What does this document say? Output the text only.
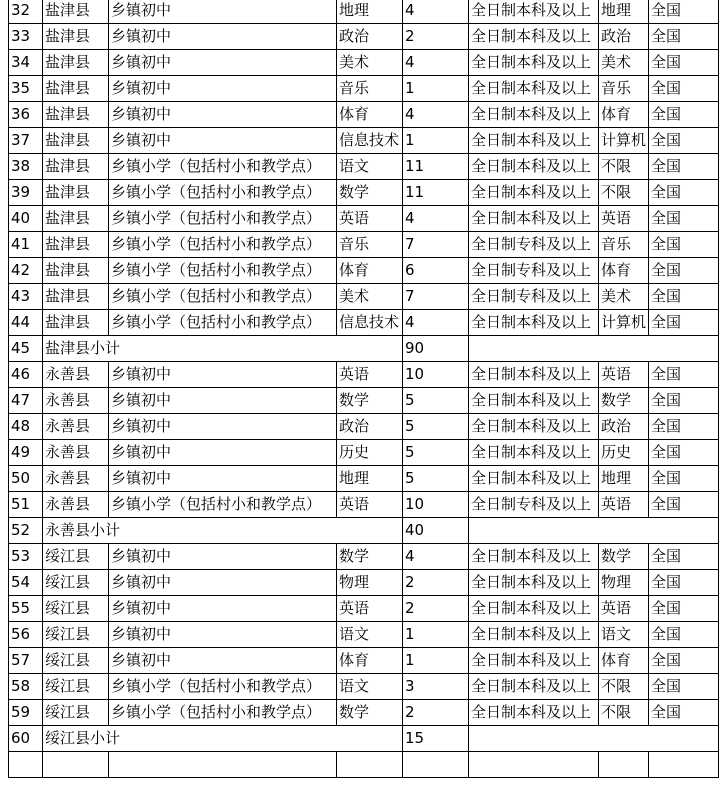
32	盐津县	乡镇初中	地理	4	全日制本科及以上	地理	全国
33	盐津县	乡镇初中	政治	2	全日制本科及以上	政治	全国
34	盐津县	乡镇初中	美术	4	全日制本科及以上	美术	全国
35	盐津县	乡镇初中	音乐	1	全日制本科及以上	音乐	全国
36	盐津县	乡镇初中	体育	4	全日制本科及以上	体育	全国
37	盐津县	乡镇初中	信息技术	1	全日制本科及以上	计算机	全国
38	盐津县	乡镇小学（包括村小和教学点）	语文	11	全日制本科及以上	不限	全国
39	盐津县	乡镇小学（包括村小和教学点）	数学	11	全日制本科及以上	不限	全国
40	盐津县	乡镇小学（包括村小和教学点）	英语	4	全日制本科及以上	英语	全国
41	盐津县	乡镇小学（包括村小和教学点）	音乐	7	全日制专科及以上	音乐	全国
42	盐津县	乡镇小学（包括村小和教学点）	体育	6	全日制专科及以上	体育	全国
43	盐津县	乡镇小学（包括村小和教学点）	美术	7	全日制专科及以上	美术	全国
44	盐津县	乡镇小学（包括村小和教学点）	信息技术	4	全日制本科及以上	计算机	全国
45	盐津县小计			90			
46	永善县	乡镇初中	英语	10	全日制本科及以上	英语	全国
47	永善县	乡镇初中	数学	5	全日制本科及以上	数学	全国
48	永善县	乡镇初中	政治	5	全日制本科及以上	政治	全国
49	永善县	乡镇初中	历史	5	全日制本科及以上	历史	全国
50	永善县	乡镇初中	地理	5	全日制本科及以上	地理	全国
51	永善县	乡镇小学（包括村小和教学点）	英语	10	全日制专科及以上	英语	全国
52	永善县小计			40			
53	绥江县	乡镇初中	数学	4	全日制本科及以上	数学	全国
54	绥江县	乡镇初中	物理	2	全日制本科及以上	物理	全国
55	绥江县	乡镇初中	英语	2	全日制本科及以上	英语	全国
56	绥江县	乡镇初中	语文	1	全日制本科及以上	语文	全国
57	绥江县	乡镇初中	体育	1	全日制本科及以上	体育	全国
58	绥江县	乡镇小学（包括村小和教学点）	语文	3	全日制本科及以上	不限	全国
59	绥江县	乡镇小学（包括村小和教学点）	数学	2	全日制本科及以上	不限	全国
60	绥江县小计			15			
